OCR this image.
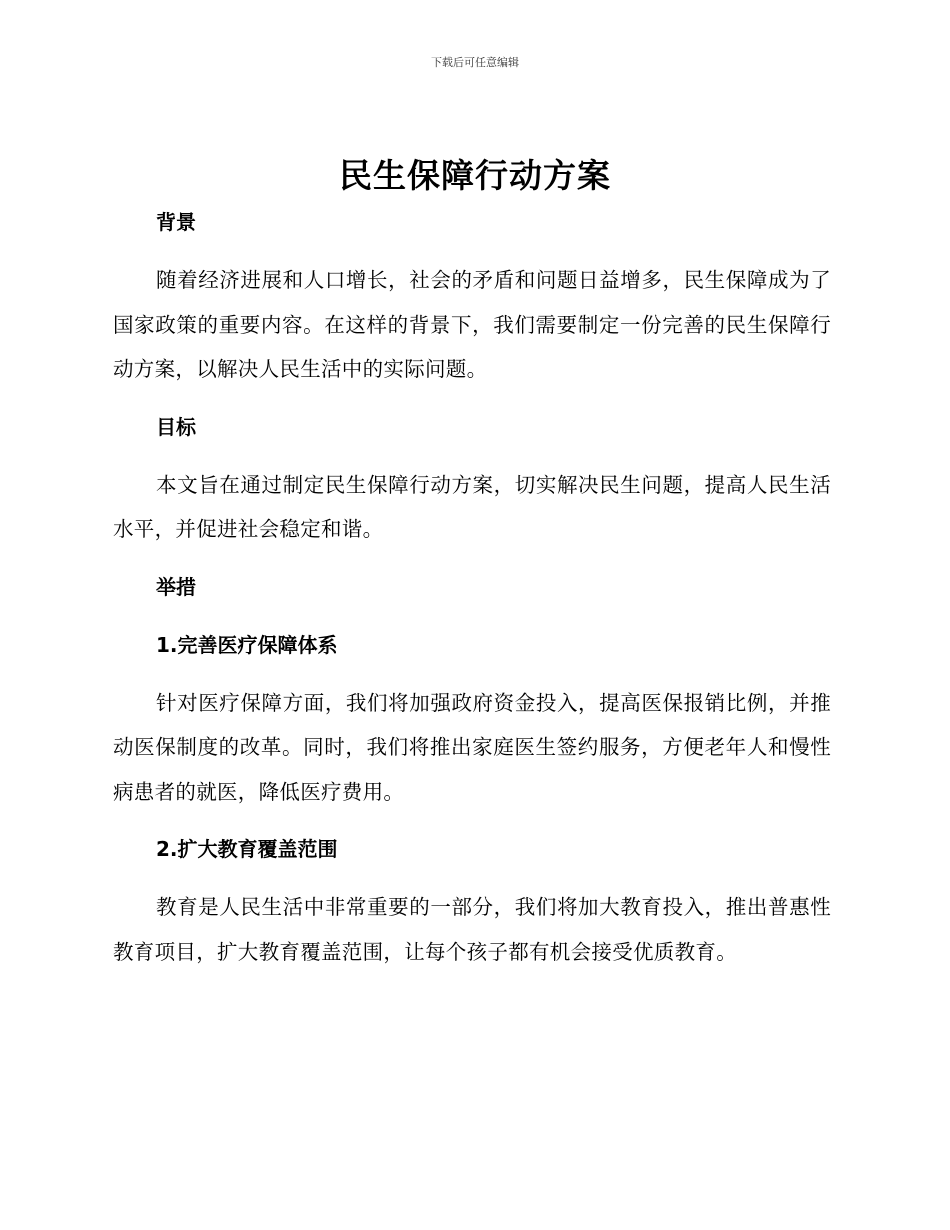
下载后可任意编辑
民生保障行动方案
背景

随着经济进展和人口增长，社会的矛盾和问题日益增多，民生保障成为了国家政策的重要内容。在这样的背景下，我们需要制定一份完善的民生保障行动方案，以解决人民生活中的实际问题。

目标

本文旨在通过制定民生保障行动方案，切实解决民生问题，提高人民生活水平，并促进社会稳定和谐。

举措
1.完善医疗保障体系

针对医疗保障方面，我们将加强政府资金投入，提高医保报销比例，并推动医保制度的改革。同时，我们将推出家庭医生签约服务，方便老年人和慢性病患者的就医，降低医疗费用。

2.扩大教育覆盖范围

教育是人民生活中非常重要的一部分，我们将加大教育投入，推出普惠性教育项目，扩大教育覆盖范围，让每个孩子都有机会接受优质教育。
